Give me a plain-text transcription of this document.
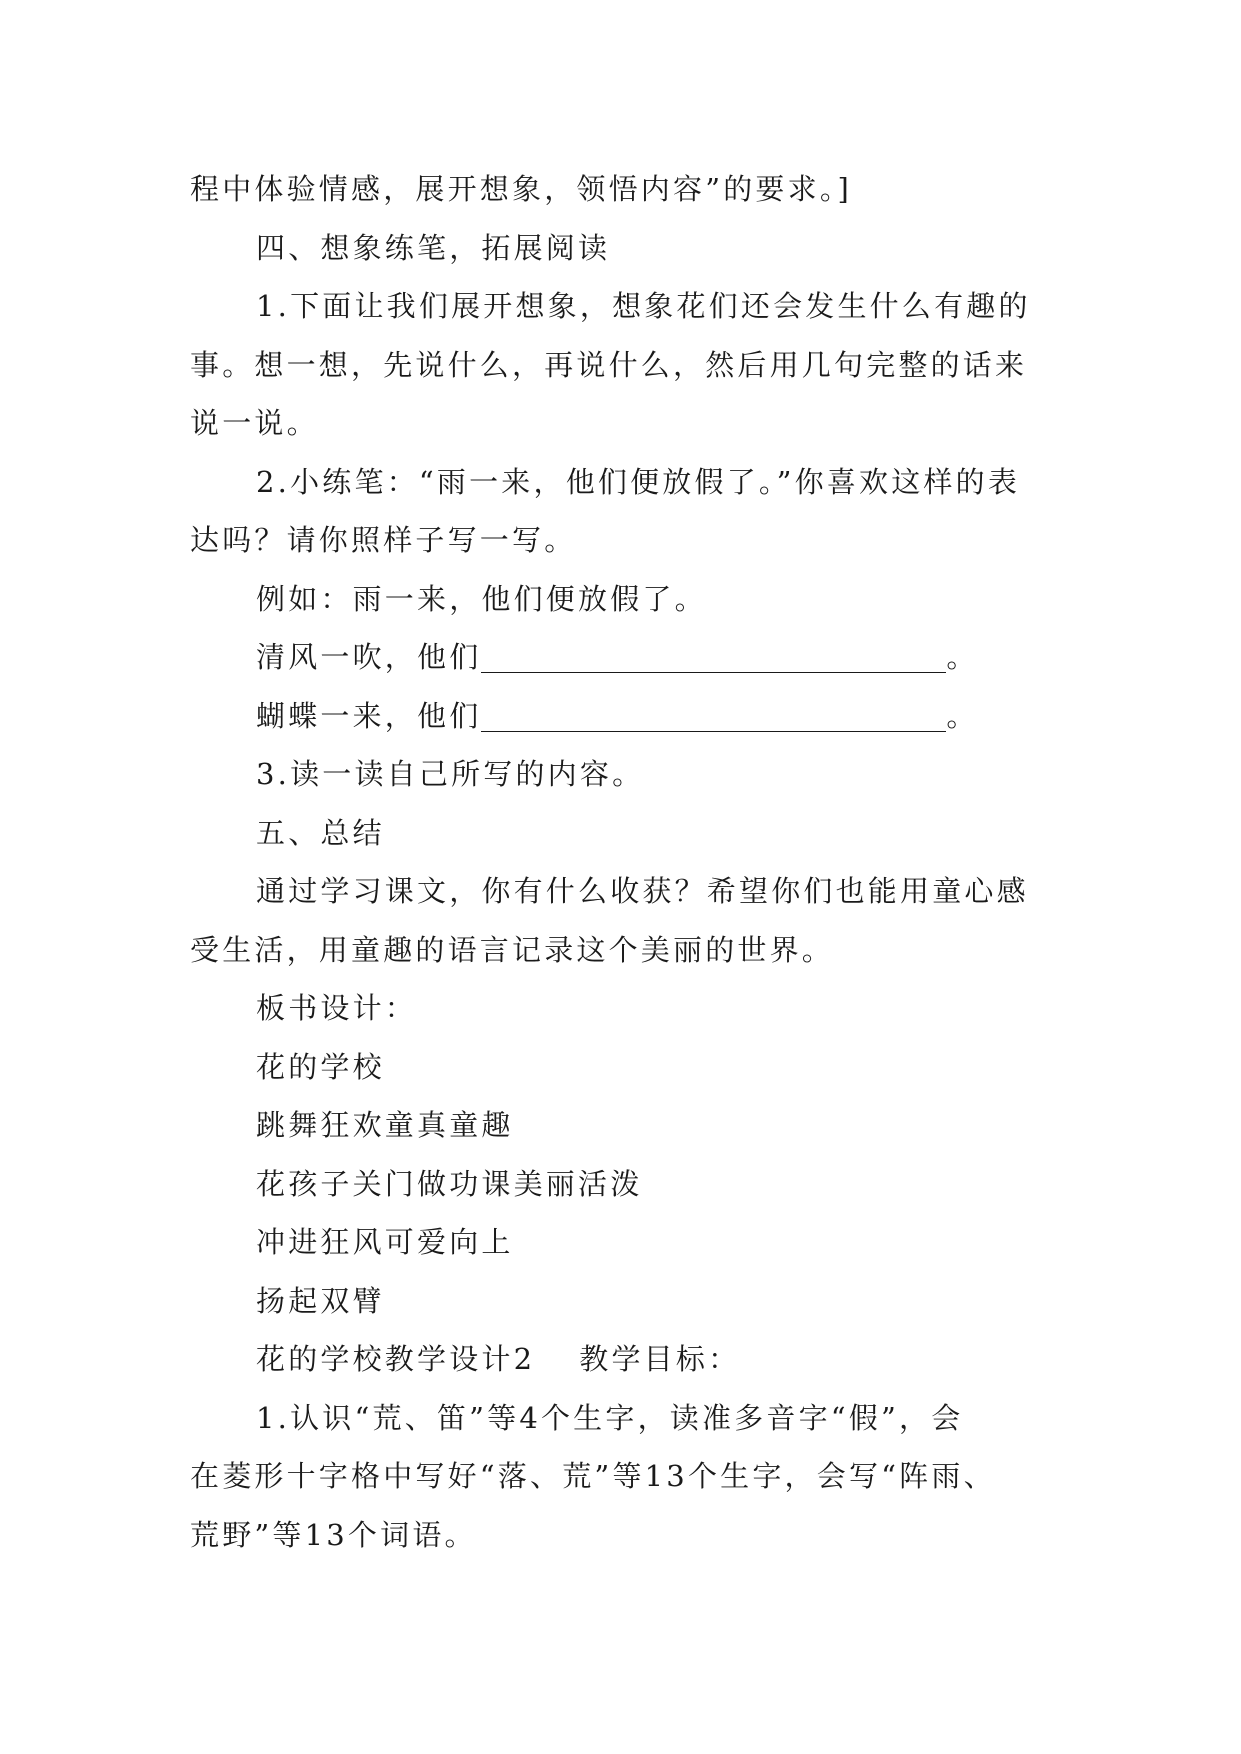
程中体验情感，展开想象，领悟内容”的要求。]
四、想象练笔，拓展阅读
1.下面让我们展开想象，想象花们还会发生什么有趣的
事。想一想，先说什么，再说什么，然后用几句完整的话来
说一说。
2.小练笔：“雨一来，他们便放假了。”你喜欢这样的表
达吗？请你照样子写一写。
例如：雨一来，他们便放假了。
清风一吹，他们	。
蝴蝶一来，他们	。
3.读一读自己所写的内容。
五、总结
通过学习课文，你有什么收获？希望你们也能用童心感
受生活，用童趣的语言记录这个美丽的世界。
板书设计：
花的学校
跳舞狂欢童真童趣
花孩子关门做功课美丽活泼
冲进狂风可爱向上
扬起双臂
花的学校教学设计2 教学目标：
1.认识“荒、笛”等4个生字，读准多音字“假”，会
在菱形十字格中写好“落、荒”等13个生字，会写“阵雨、
荒野”等13个词语。
